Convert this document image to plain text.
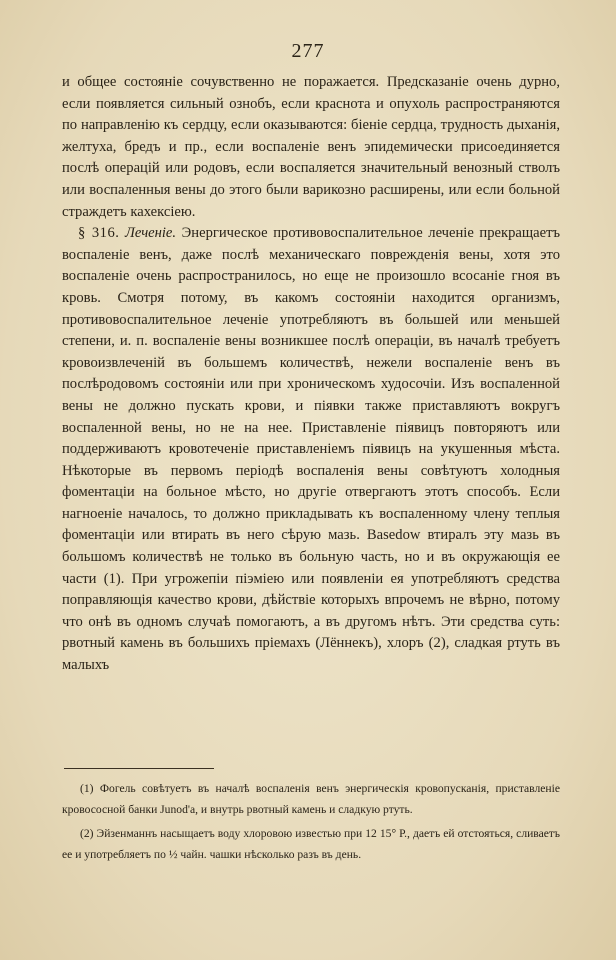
277

и общее состояніе сочувственно не поражается. Предсказаніе очень дурно, если появляется сильный ознобъ, если краснота и опухоль распространяются по направленію къ сердцу, если оказываются: біеніе сердца, трудность дыханія, желтуха, бредъ и пр., если воспаленіе венъ эпидемически присоединяется послѣ операцій или родовъ, если воспаляется значительный венозный стволъ или воспаленныя вены до этого были варикозно расширены, или если больной страждетъ кахексіею.

§ 316. Леченіе. Энергическое противовоспалительное леченіе прекращаетъ воспаленіе венъ, даже послѣ механическаго поврежденія вены, хотя это воспаленіе очень распространилось, но еще не произошло всосаніе гноя въ кровь. Смотря потому, въ какомъ состояніи находится организмъ, противовоспалительное леченіе употребляютъ въ большей или меньшей степени, и. п. воспаленіе вены возникшее послѣ операціи, въ началѣ требуетъ кровоизвлеченій въ большемъ количествѣ, нежели воспаленіе венъ въ послѣродовомъ состояніи или при хроническомъ худосочіи. Изъ воспаленной вены не должно пускать крови, и піявки также приставляютъ вокругъ воспаленной вены, но не на нее. Приставленіе піявицъ повторяютъ или поддерживаютъ кровотеченіе приставленіемъ піявицъ на укушенныя мѣста. Нѣкоторые въ первомъ періодѣ воспаленія вены совѣтуютъ холодныя фоментаціи на больное мѣсто, но другіе отвергаютъ этотъ способъ. Если нагноеніе началось, то должно прикладывать къ воспаленному члену теплыя фоментаціи или втирать въ него сѣрую мазь. Basedow втиралъ эту мазь въ большомъ количествѣ не только въ больную часть, но и въ окружающія ее части (1). При угрожепіи піэміею или появленіи ея употребляютъ средства поправляющія качество крови, дѣйствіе которыхъ впрочемъ не вѣрно, потому что онѣ въ одномъ случаѣ помогаютъ, а въ другомъ нѣтъ. Эти средства суть: рвотный камень въ большихъ пріемахъ (Лённекъ), хлоръ (2), сладкая ртуть въ малыхъ

(1) Фогель совѣтуетъ въ началѣ воспаленія венъ энергическія кровопусканія, приставленіе кровососной банки Junod'а, и внутрь рвотный камень и сладкую ртуть.

(2) Эйзенманнъ насыщаетъ воду хлоровою известью при 12 15° Р., даетъ ей отстояться, сливаетъ ее и употребляетъ по ½ чайн. чашки нѣсколько разъ въ день.
